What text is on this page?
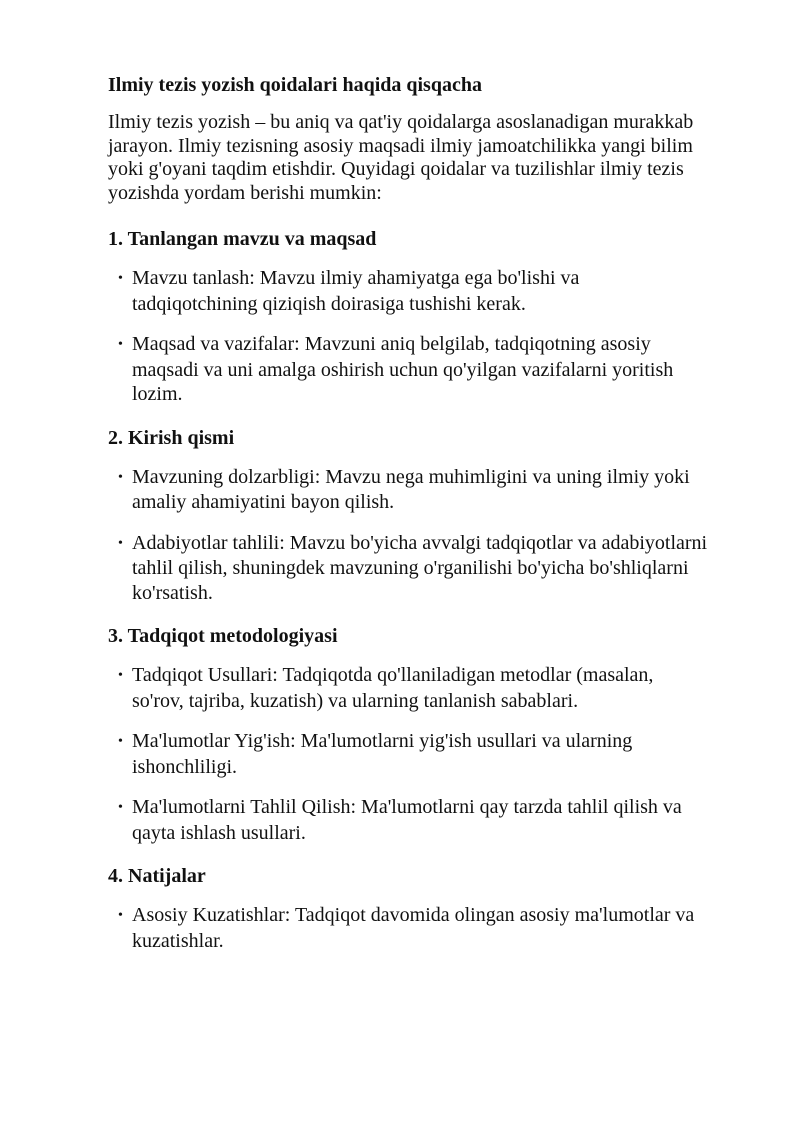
Ilmiy tezis yozish qoidalari haqida qisqacha

Ilmiy tezis yozish – bu aniq va qat'iy qoidalarga asoslanadigan murakkab jarayon. Ilmiy tezisning asosiy maqsadi ilmiy jamoatchilikka yangi bilim yoki g'oyani taqdim etishdir. Quyidagi qoidalar va tuzilishlar ilmiy tezis yozishda yordam berishi mumkin:

1. Tanlangan mavzu va maqsad
• Mavzu tanlash: Mavzu ilmiy ahamiyatga ega bo'lishi va tadqiqotchining qiziqish doirasiga tushishi kerak.
• Maqsad va vazifalar: Mavzuni aniq belgilab, tadqiqotning asosiy maqsadi va uni amalga oshirish uchun qo'yilgan vazifalarni yoritish lozim.
2. Kirish qismi
• Mavzuning dolzarbligi: Mavzu nega muhimligini va uning ilmiy yoki amaliy ahamiyatini bayon qilish.
• Adabiyotlar tahlili: Mavzu bo'yicha avvalgi tadqiqotlar va adabiyotlarni tahlil qilish, shuningdek mavzuning o'rganilishi bo'yicha bo'shliqlarni ko'rsatish.
3. Tadqiqot metodologiyasi
• Tadqiqot Usullari: Tadqiqotda qo'llaniladigan metodlar (masalan, so'rov, tajriba, kuzatish) va ularning tanlanish sabablari.
• Ma'lumotlar Yig'ish: Ma'lumotlarni yig'ish usullari va ularning ishonchliligi.
• Ma'lumotlarni Tahlil Qilish: Ma'lumotlarni qay tarzda tahlil qilish va qayta ishlash usullari.
4. Natijalar
• Asosiy Kuzatishlar: Tadqiqot davomida olingan asosiy ma'lumotlar va kuzatishlar.
